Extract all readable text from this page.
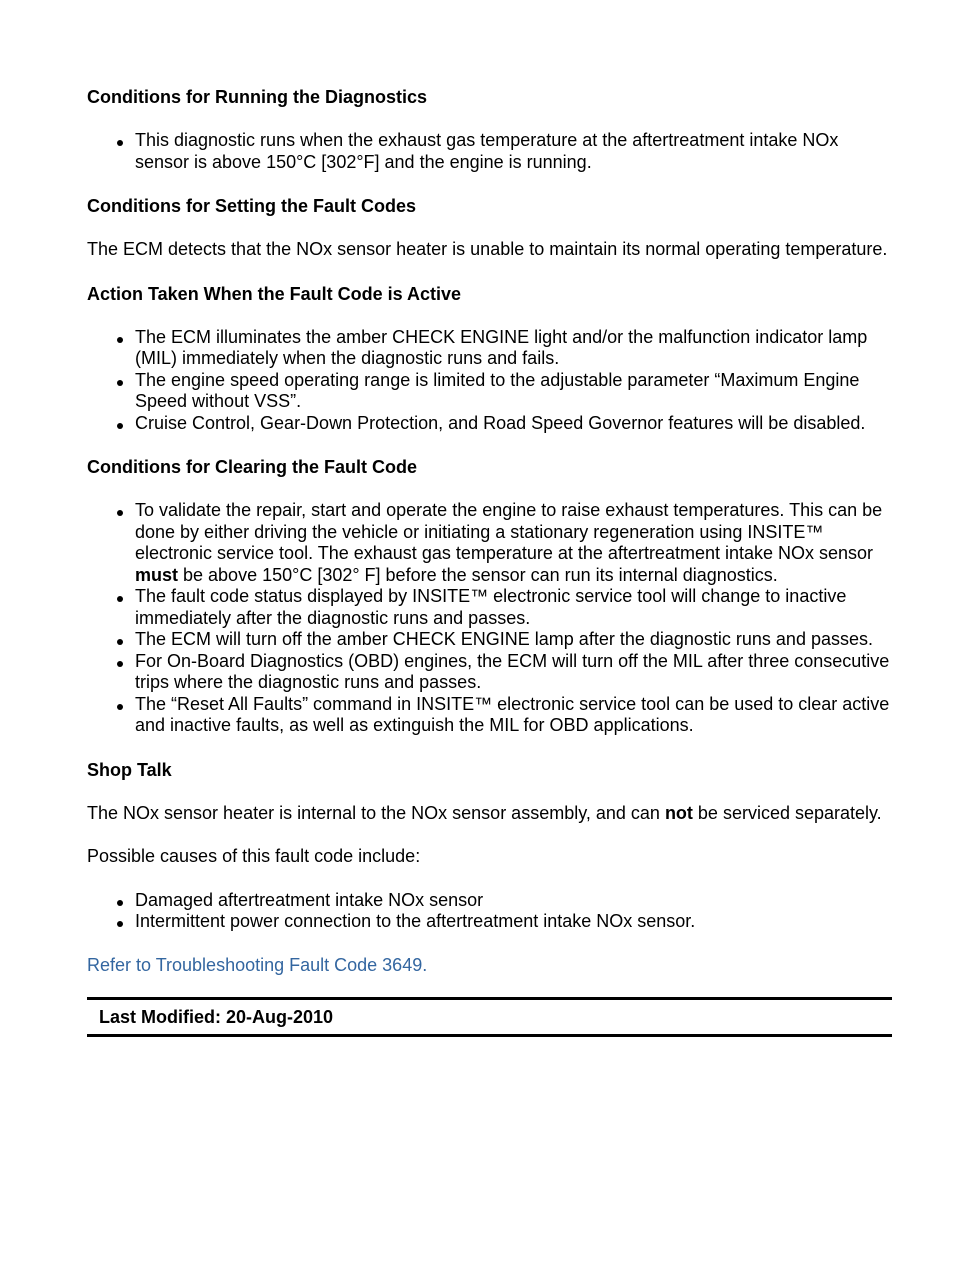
Conditions for Running the Diagnostics
This diagnostic runs when the exhaust gas temperature at the aftertreatment intake NOx sensor is above 150°C [302°F] and the engine is running.
Conditions for Setting the Fault Codes

The ECM detects that the NOx sensor heater is unable to maintain its normal operating temperature.

Action Taken When the Fault Code is Active
The ECM illuminates the amber CHECK ENGINE light and/or the malfunction indicator lamp (MIL) immediately when the diagnostic runs and fails.
The engine speed operating range is limited to the adjustable parameter “Maximum Engine Speed without VSS”.
Cruise Control, Gear-Down Protection, and Road Speed Governor features will be disabled.
Conditions for Clearing the Fault Code
To validate the repair, start and operate the engine to raise exhaust temperatures. This can be done by either driving the vehicle or initiating a stationary regeneration using INSITE™ electronic service tool. The exhaust gas temperature at the aftertreatment intake NOx sensor must be above 150°C [302° F] before the sensor can run its internal diagnostics.
The fault code status displayed by INSITE™ electronic service tool will change to inactive immediately after the diagnostic runs and passes.
The ECM will turn off the amber CHECK ENGINE lamp after the diagnostic runs and passes.
For On-Board Diagnostics (OBD) engines, the ECM will turn off the MIL after three consecutive trips where the diagnostic runs and passes.
The “Reset All Faults” command in INSITE™ electronic service tool can be used to clear active and inactive faults, as well as extinguish the MIL for OBD applications.
Shop Talk

The NOx sensor heater is internal to the NOx sensor assembly, and can not be serviced separately.

Possible causes of this fault code include:

Damaged aftertreatment intake NOx sensor
Intermittent power connection to the aftertreatment intake NOx sensor.

Refer to Troubleshooting Fault Code 3649.

Last Modified: 20-Aug-2010
